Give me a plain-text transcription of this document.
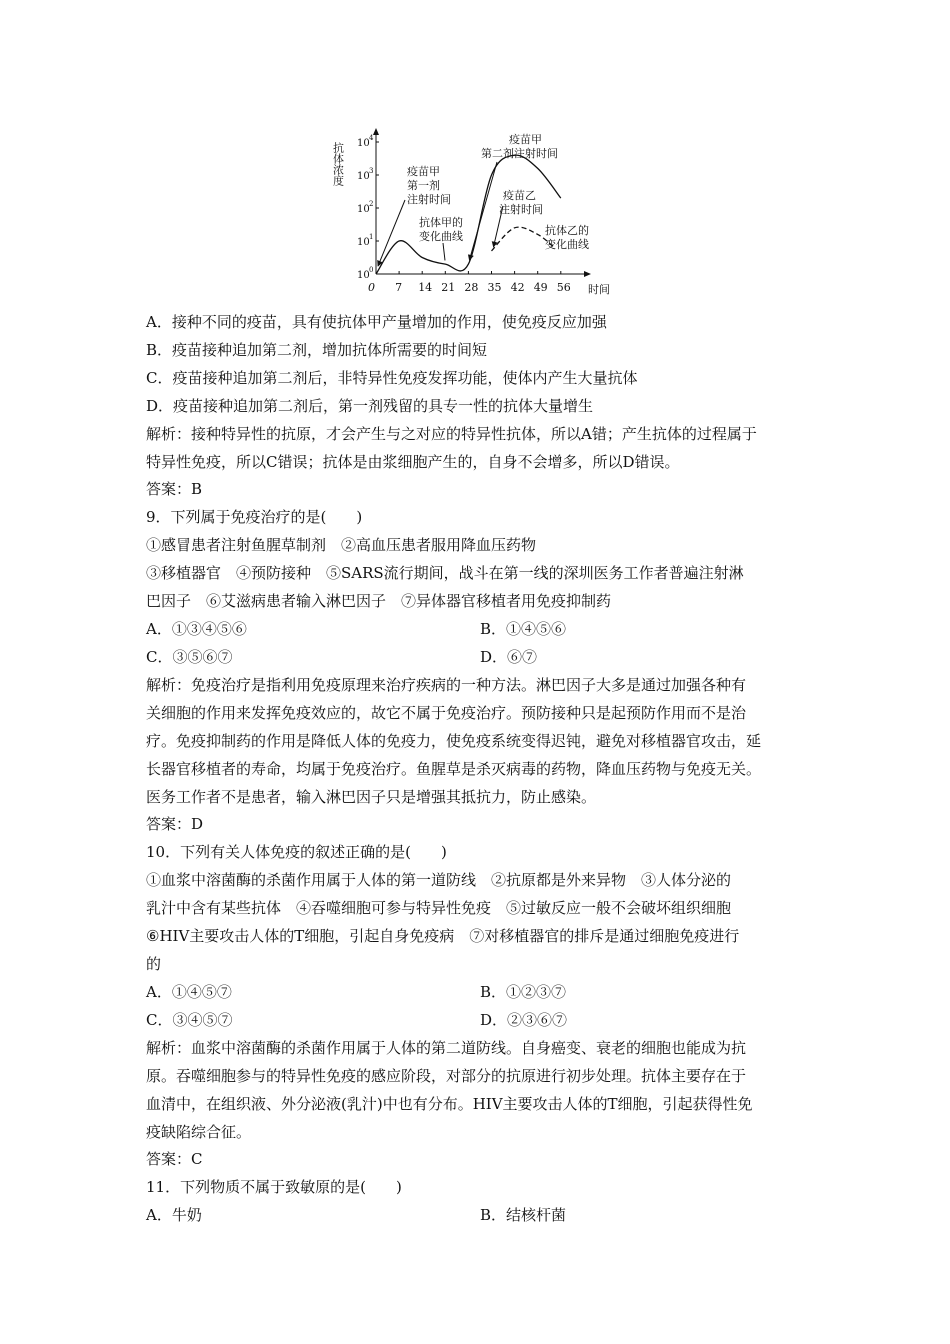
抗体浓度
时间
0 7 14 21 28 35 42 49 56
10 0
10 1
10 2
10 3
10 4
疫苗甲
第一剂
注射时间
抗体甲的
变化曲线
疫苗甲
第二剂注射时间
疫苗乙
注射时间
抗体乙的
变化曲线
A．接种不同的疫苗，具有使抗体甲产量增加的作用，使免疫反应加强
B．疫苗接种追加第二剂，增加抗体所需要的时间短
C．疫苗接种追加第二剂后，非特异性免疫发挥功能，使体内产生大量抗体
D．疫苗接种追加第二剂后，第一剂残留的具专一性的抗体大量增生
解析：接种特异性的抗原，才会产生与之对应的特异性抗体，所以A错；产生抗体的过程属于
特异性免疫，所以C错误；抗体是由浆细胞产生的，自身不会增多，所以D错误。
答案：B
9．下列属于免疫治疗的是(　　)
①感冒患者注射鱼腥草制剂　②高血压患者服用降血压药物
③移植器官　④预防接种　⑤SARS流行期间，战斗在第一线的深圳医务工作者普遍注射淋
巴因子　⑥艾滋病患者输入淋巴因子　⑦异体器官移植者用免疫抑制药
A．①③④⑤⑥	B．①④⑤⑥
C．③⑤⑥⑦	D．⑥⑦
解析：免疫治疗是指利用免疫原理来治疗疾病的一种方法。淋巴因子大多是通过加强各种有
关细胞的作用来发挥免疫效应的，故它不属于免疫治疗。预防接种只是起预防作用而不是治
疗。免疫抑制药的作用是降低人体的免疫力，使免疫系统变得迟钝，避免对移植器官攻击，延
长器官移植者的寿命，均属于免疫治疗。鱼腥草是杀灭病毒的药物，降血压药物与免疫无关。
医务工作者不是患者，输入淋巴因子只是增强其抵抗力，防止感染。
答案：D
10．下列有关人体免疫的叙述正确的是(　　)
①血浆中溶菌酶的杀菌作用属于人体的第一道防线　②抗原都是外来异物　③人体分泌的
乳汁中含有某些抗体　④吞噬细胞可参与特异性免疫　⑤过敏反应一般不会破坏组织细胞
⑥HIV主要攻击人体的T细胞，引起自身免疫病　⑦对移植器官的排斥是通过细胞免疫进行
的
A．①④⑤⑦	B．①②③⑦
C．③④⑤⑦	D．②③⑥⑦
解析：血浆中溶菌酶的杀菌作用属于人体的第二道防线。自身癌变、衰老的细胞也能成为抗
原。吞噬细胞参与的特异性免疫的感应阶段，对部分的抗原进行初步处理。抗体主要存在于
血清中，在组织液、外分泌液(乳汁)中也有分布。HIV主要攻击人体的T细胞，引起获得性免
疫缺陷综合征。
答案：C
11．下列物质不属于致敏原的是(　　)
A．牛奶	B．结核杆菌
